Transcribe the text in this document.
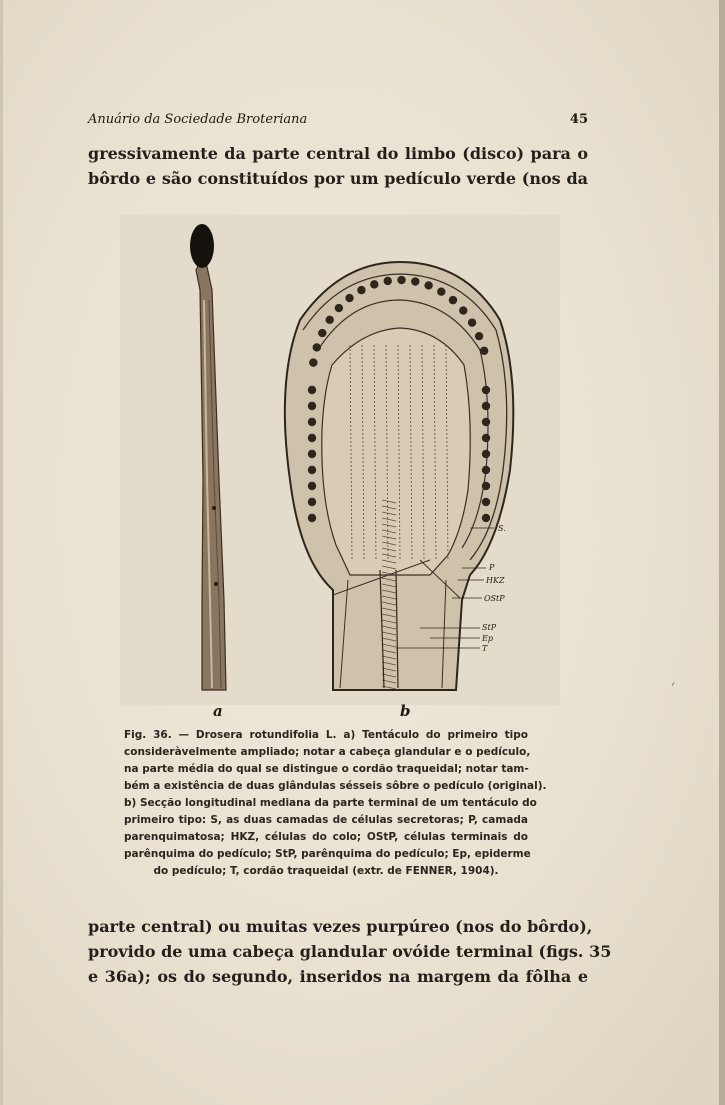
Anuário da Sociedade Broteriana	45
gressivamente da parte central do limbo (disco) para o
bôrdo e são constituídos por um pedículo verde (nos da
S.
P
HKZ
OStP
StP
Ep
T
a	b
Fig. 36. — Drosera rotundifolia L. a) Tentáculo do primeiro tipo
consideràvelmente ampliado; notar a cabeça glandular e o pedículo,
na parte média do qual se distingue o cordão traqueidal; notar tam-
bém a existência de duas glândulas sésseis sôbre o pedículo (original).
b) Secção longitudinal mediana da parte terminal de um tentáculo do
primeiro tipo: S, as duas camadas de células secretoras; P, camada
parenquimatosa; HKZ, células do colo; OStP, células terminais do
parênquima do pedículo; StP, parênquima do pedículo; Ep, epiderme
do pedículo; T, cordão traqueidal (extr. de FENNER, 1904).
parte central) ou muitas vezes purpúreo (nos do bôrdo),
provido de uma cabeça glandular ovóide terminal (figs. 35
e 36a); os do segundo, inseridos na margem da fôlha e
‚
